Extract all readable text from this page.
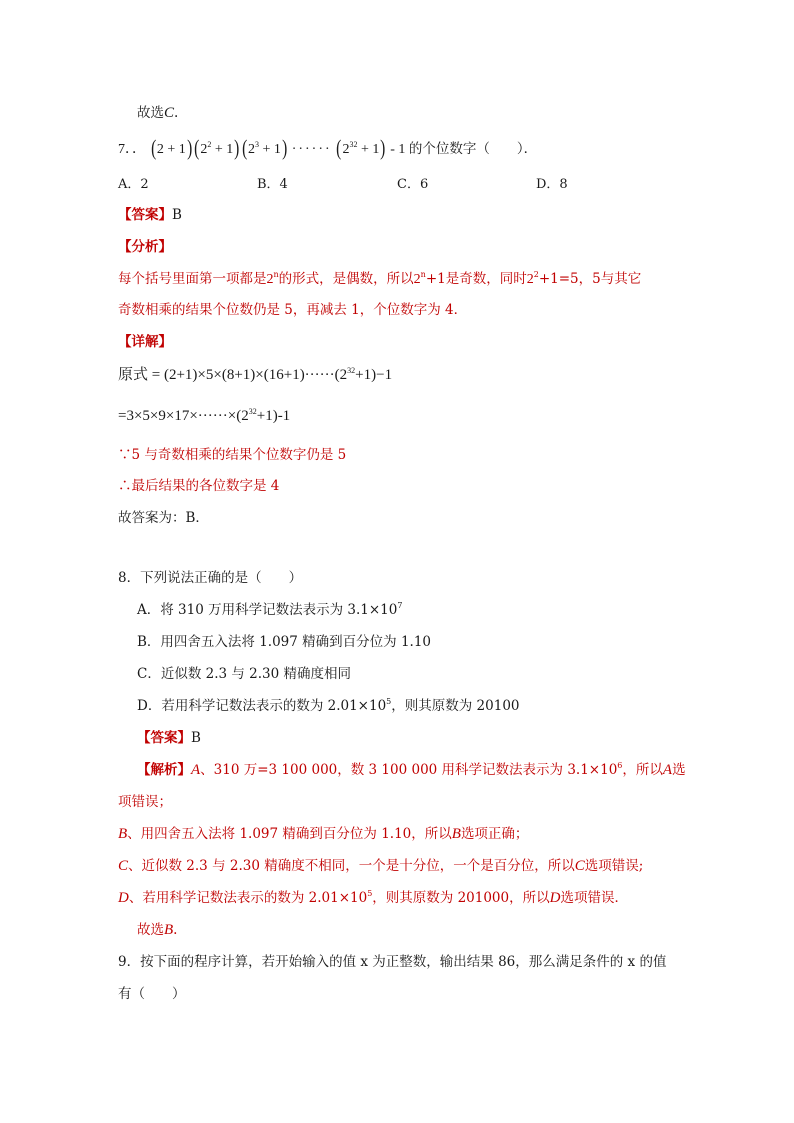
故选C.
7．． $(2 + 1)(2^2 + 1)(2^3 + 1)$ ······ $(2^{32} + 1) - 1$ 的个位数字（　　）．
A．2	B．4	C．6	D．8
【答案】B
【分析】
每个括号里面第一项都是2$^n$的形式，是偶数，所以$2^n+1$是奇数，同时$2^2+1=5$，5与其它
奇数相乘的结果个位数仍是 5，再减去 1，个位数字为 4．
【详解】
原式 = $(2+1)\times 5\times(8+1)\times(16+1)\cdot\cdot\cdot\cdot\cdot\cdot(2^{32}+1)-1$
$=3\times 5\times 9\times 17\times\cdot\cdot\cdot\cdot\cdot\cdot\times(2^{32}+1)-1$
∵5 与奇数相乘的结果个位数字仍是 5
∴最后结果的各位数字是 4
故答案为：B．
8．下列说法正确的是（　　）
A．将 310 万用科学记数法表示为 $3.1\times 10^7$
B．用四舍五入法将 1.097 精确到百分位为 1.10
C．近似数 2.3 与 2.30 精确度相同
D．若用科学记数法表示的数为 $2.01\times 10^5$，则其原数为 20100
【答案】B
【解析】A、310 万=3 100 000，数 3 100 000 用科学记数法表示为 $3.1\times 10^6$，所以A选
项错误；
B、用四舍五入法将 1.097 精确到百分位为 1.10，所以B选项正确；
C、近似数 2.3 与 2.30 精确度不相同，一个是十分位，一个是百分位，所以C选项错误;
D、若用科学记数法表示的数为 $2.01\times 10^5$，则其原数为 201000，所以D选项错误．
故选B.
9．按下面的程序计算，若开始输入的值 x 为正整数，输出结果 86，那么满足条件的 x 的值
有（　　）
